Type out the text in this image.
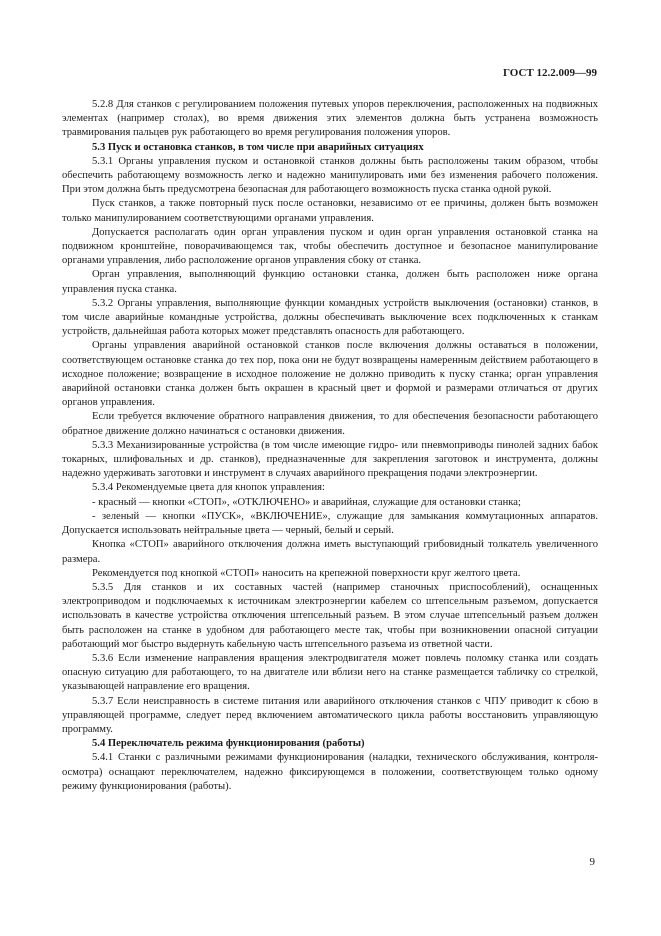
ГОСТ 12.2.009—99

5.2.8 Для станков с регулированием положения путевых упоров переключения, расположенных на подвижных элементах (например столах), во время движения этих элементов должна быть устранена возможность травмирования пальцев рук работающего во время регулирования положения упоров.

5.3 Пуск и остановка станков, в том числе при аварийных ситуациях

5.3.1 Органы управления пуском и остановкой станков должны быть расположены таким образом, чтобы обеспечить работающему возможность легко и надежно манипулировать ими без изменения рабочего положения. При этом должна быть предусмотрена безопасная для работающего возможность пуска станка одной рукой.

Пуск станков, а также повторный пуск после остановки, независимо от ее причины, должен быть возможен только манипулированием соответствующими органами управления.

Допускается располагать один орган управления пуском и один орган управления остановкой станка на подвижном кронштейне, поворачивающемся так, чтобы обеспечить доступное и безопасное манипулирование органами управления, либо расположение органов управления сбоку от станка.

Орган управления, выполняющий функцию остановки станка, должен быть расположен ниже органа управления пуска станка.

5.3.2 Органы управления, выполняющие функции командных устройств выключения (остановки) станков, в том числе аварийные командные устройства, должны обеспечивать выключение всех подключенных к станкам устройств, дальнейшая работа которых может представлять опасность для работающего.

Органы управления аварийной остановкой станков после включения должны оставаться в положении, соответствующем остановке станка до тех пор, пока они не будут возвращены намеренным действием работающего в исходное положение; возвращение в исходное положение не должно приводить к пуску станка; орган управления аварийной остановки станка должен быть окрашен в красный цвет и формой и размерами отличаться от других органов управления.

Если требуется включение обратного направления движения, то для обеспечения безопасности работающего обратное движение должно начинаться с остановки движения.

5.3.3 Механизированные устройства (в том числе имеющие гидро- или пневмоприводы пинолей задних бабок токарных, шлифовальных и др. станков), предназначенные для закрепления заготовок и инструмента, должны надежно удерживать заготовки и инструмент в случаях аварийного прекращения подачи электроэнергии.

5.3.4 Рекомендуемые цвета для кнопок управления:

- красный — кнопки «СТОП», «ОТКЛЮЧЕНО» и аварийная, служащие для остановки станка;

- зеленый — кнопки «ПУСК», «ВКЛЮЧЕНИЕ», служащие для замыкания коммутационных аппаратов. Допускается использовать нейтральные цвета — черный, белый и серый.

Кнопка «СТОП» аварийного отключения должна иметь выступающий грибовидный толкатель увеличенного размера.

Рекомендуется под кнопкой «СТОП» наносить на крепежной поверхности круг желтого цвета.

5.3.5 Для станков и их составных частей (например станочных приспособлений), оснащенных электроприводом и подключаемых к источникам электроэнергии кабелем со штепсельным разъемом, допускается использовать в качестве устройства отключения штепсельный разъем. В этом случае штепсельный разъем должен быть расположен на станке в удобном для работающего месте так, чтобы при возникновении опасной ситуации работающий мог быстро выдернуть кабельную часть штепсельного разъема из ответной части.

5.3.6 Если изменение направления вращения электродвигателя может повлечь поломку станка или создать опасную ситуацию для работающего, то на двигателе или вблизи него на станке размещается табличку со стрелкой, указывающей направление его вращения.

5.3.7 Если неисправность в системе питания или аварийного отключения станков с ЧПУ приводит к сбою в управляющей программе, следует перед включением автоматического цикла работы восстановить управляющую программу.

5.4 Переключатель режима функционирования (работы)

5.4.1 Станки с различными режимами функционирования (наладки, технического обслуживания, контроля-осмотра) оснащают переключателем, надежно фиксирующемся в положении, соответствующем только одному режиму функционирования (работы).

9
